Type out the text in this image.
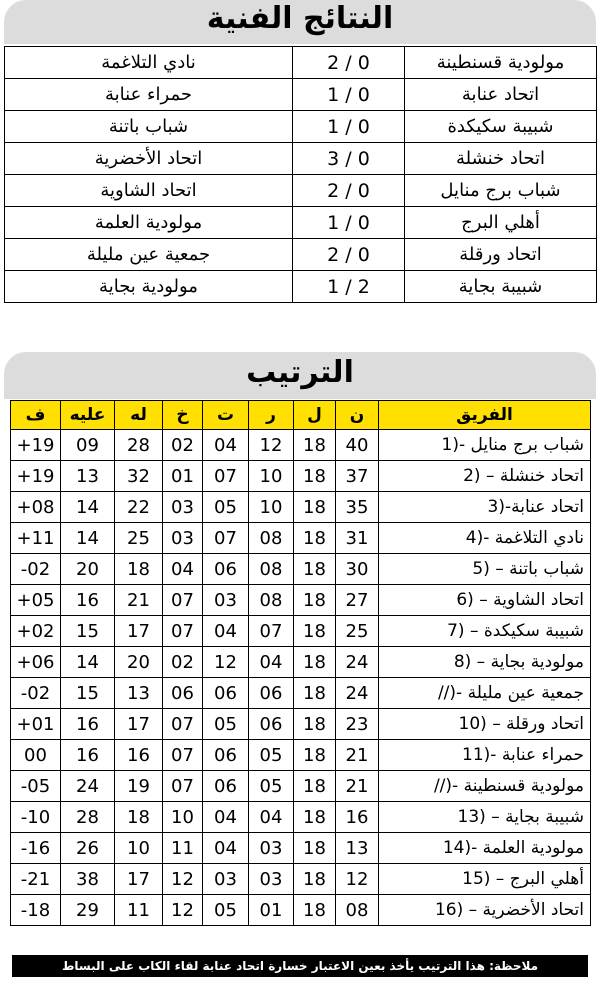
النتائج الفنية
نادي التلاغمة	2 / 0	مولودية قسنطينة
حمراء عنابة	1 / 0	اتحاد عنابة
شباب باتنة	1 / 0	شبيبة سكيكدة
اتحاد الأخضرية	3 / 0	اتحاد خنشلة
اتحاد الشاوية	2 / 0	شباب برج منايل
مولودية العلمة	1 / 0	أهلي البرج
جمعية عين مليلة	2 / 0	اتحاد ورقلة
مولودية بجاية	1 / 2	شبيبة بجاية
الترتيب
ف	عليه	له	خ	ت	ر	ل	ن	الفريق
+19	09	28	02	04	12	18	40	1)- شباب برج منايل
+19	13	32	01	07	10	18	37	2) – اتحاد خنشلة
+08	14	22	03	05	10	18	35	3)-اتحاد عنابة
+11	14	25	03	07	08	18	31	4)- نادي التلاغمة
-02	20	18	04	06	08	18	30	5) – شباب باتنة
+05	16	21	07	03	08	18	27	6) – اتحاد الشاوية
+02	15	17	07	04	07	18	25	7) – شبيبة سكيكدة
+06	14	20	02	12	04	18	24	8) – مولودية بجاية
-02	15	13	06	06	06	18	24	//)- جمعية عين مليلة
+01	16	17	07	05	06	18	23	10) – اتحاد ورقلة
00	16	16	07	06	05	18	21	11)- حمراء عنابة
-05	24	19	07	06	05	18	21	//)- مولودية قسنطينة
-10	28	18	10	04	04	18	16	13) – شبيبة بجاية
-16	26	10	11	04	03	18	13	14)- مولودية العلمة
-21	38	17	12	03	03	18	12	15) – أهلي البرج
-18	29	11	12	05	01	18	08	16) – اتحاد الأخضرية
ملاحظة: هذا الترتيب يأخذ بعين الاعتبار خسارة اتحاد عنابة لقاء الكاب على البساط
